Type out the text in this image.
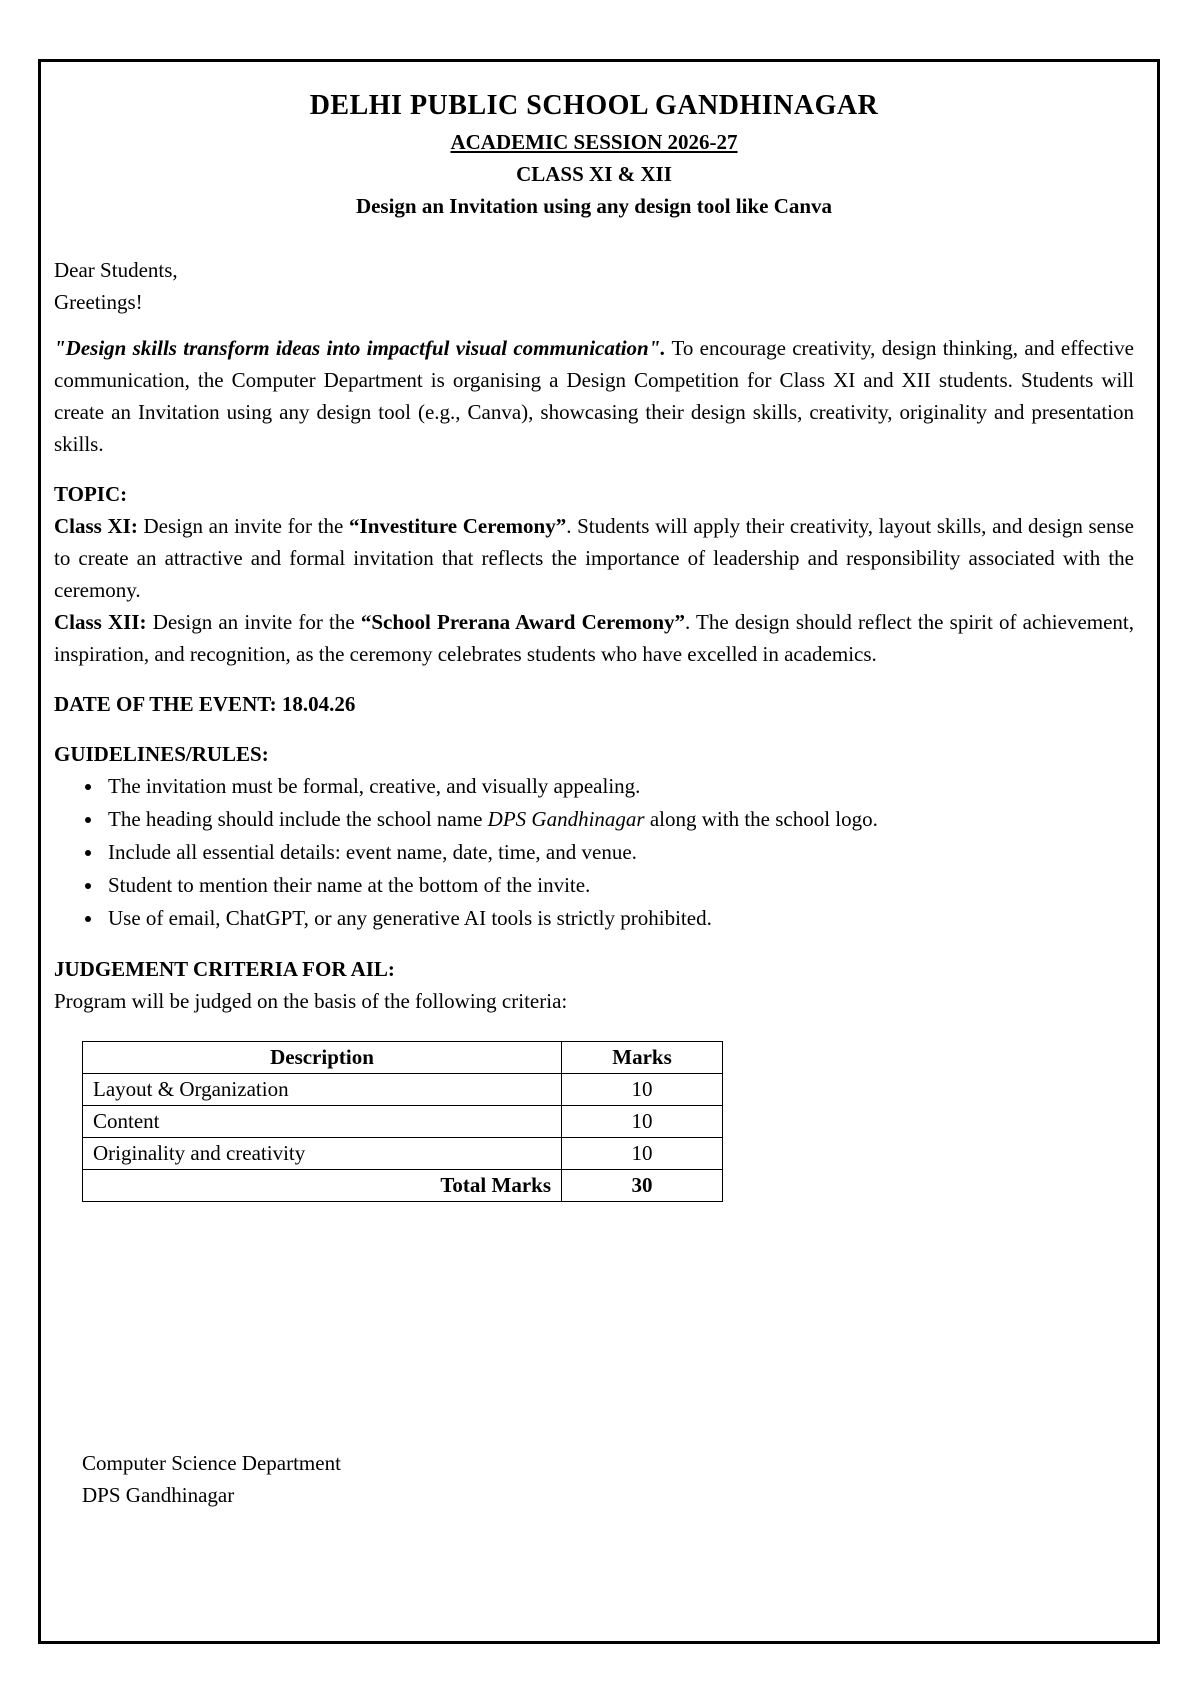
DELHI PUBLIC SCHOOL GANDHINAGAR

ACADEMIC SESSION 2026-27

CLASS XI & XII

Design an Invitation using any design tool like Canva

Dear Students,

Greetings!

"Design skills transform ideas into impactful visual communication". To encourage creativity, design thinking, and effective communication, the Computer Department is organising a Design Competition for Class XI and XII students. Students will create an Invitation using any design tool (e.g., Canva), showcasing their design skills, creativity, originality and presentation skills.

TOPIC:

Class XI: Design an invite for the “Investiture Ceremony”. Students will apply their creativity, layout skills, and design sense to create an attractive and formal invitation that reflects the importance of leadership and responsibility associated with the ceremony.

Class XII: Design an invite for the “School Prerana Award Ceremony”. The design should reflect the spirit of achievement, inspiration, and recognition, as the ceremony celebrates students who have excelled in academics.

DATE OF THE EVENT: 18.04.26

GUIDELINES/RULES:

• The invitation must be formal, creative, and visually appealing.
• The heading should include the school name DPS Gandhinagar along with the school logo.
• Include all essential details: event name, date, time, and venue.
• Student to mention their name at the bottom of the invite.
• Use of email, ChatGPT, or any generative AI tools is strictly prohibited.

JUDGEMENT CRITERIA FOR AIL:

Program will be judged on the basis of the following criteria:

Description	Marks
Layout & Organization	10
Content	10
Originality and creativity	10
Total Marks	30

Computer Science Department

DPS Gandhinagar
